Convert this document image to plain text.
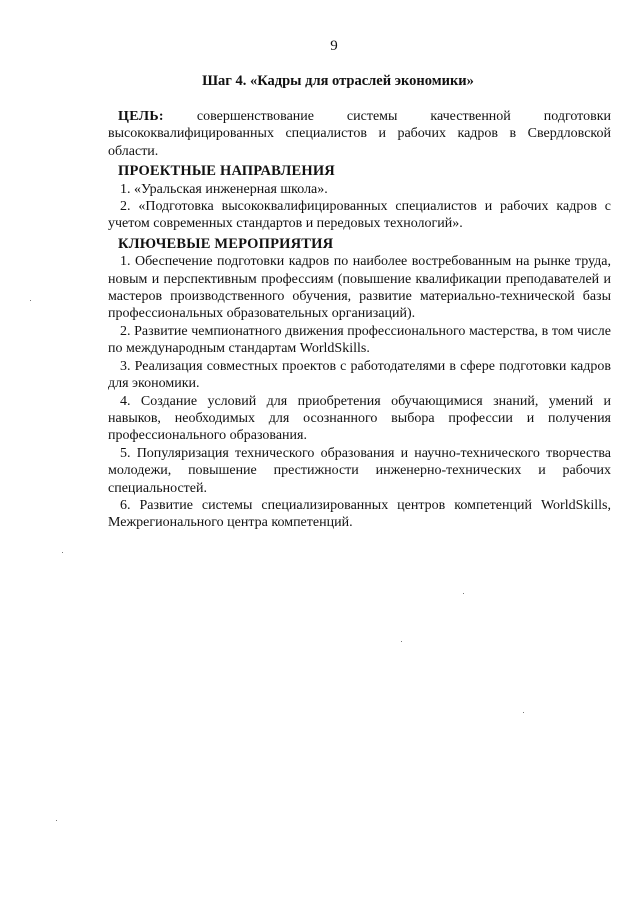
9
Шаг 4. «Кадры для отраслей экономики»

ЦЕЛЬ: совершенствование системы качественной подготовки высококвалифицированных специалистов и рабочих кадров в Свердловской области.

ПРОЕКТНЫЕ НАПРАВЛЕНИЯ

1. «Уральская инженерная школа».

2. «Подготовка высококвалифицированных специалистов и рабочих кадров с учетом современных стандартов и передовых технологий».

КЛЮЧЕВЫЕ МЕРОПРИЯТИЯ

1. Обеспечение подготовки кадров по наиболее востребованным на рынке труда, новым и перспективным профессиям (повышение квалификации преподавателей и мастеров производственного обучения, развитие материально-технической базы профессиональных образовательных организаций).

2. Развитие чемпионатного движения профессионального мастерства, в том числе по международным стандартам WorldSkills.

3. Реализация совместных проектов с работодателями в сфере подготовки кадров для экономики.

4. Создание условий для приобретения обучающимися знаний, умений и навыков, необходимых для осознанного выбора профессии и получения профессионального образования.

5. Популяризация технического образования и научно-технического творчества молодежи, повышение престижности инженерно-технических и рабочих специальностей.

6. Развитие системы специализированных центров компетенций WorldSkills, Межрегионального центра компетенций.
